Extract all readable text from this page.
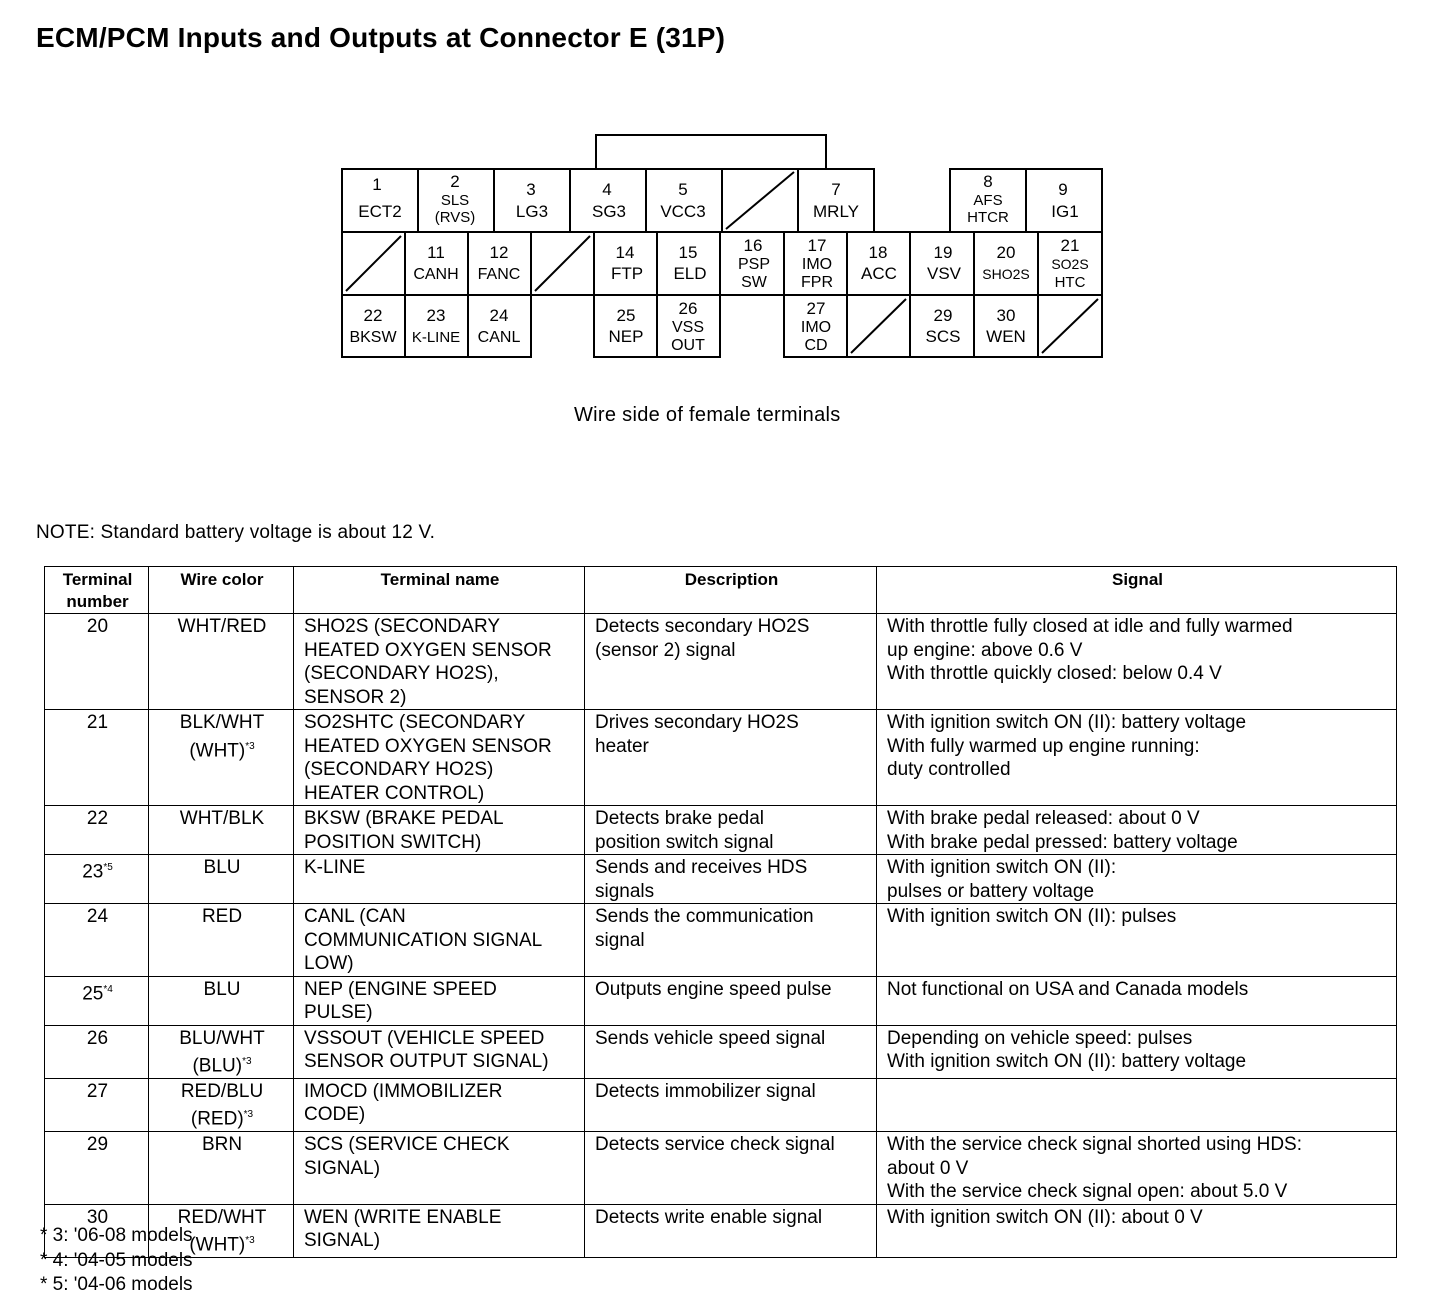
ECM/PCM Inputs and Outputs at Connector E (31P)
1
ECT2
2
SLS
(RVS)
3
LG3
4
SG3
5
VCC3
7
MRLY
8
AFS
HTCR
9
IG1
11
CANH
12
FANC
14
FTP
15
ELD
16
PSP
SW
17
IMO
FPR
18
ACC
19
VSV
20
SHO2S
21
SO2S
HTC
22
BKSW
23
K-LINE
24
CANL
25
NEP
26
VSS
OUT
27
IMO
CD
29
SCS
30
WEN
Wire side of female terminals
NOTE: Standard battery voltage is about 12 V.
Terminal
number	Wire color	Terminal name	Description	Signal
20	WHT/RED	SHO2S (SECONDARY
HEATED OXYGEN SENSOR
(SECONDARY HO2S),
SENSOR 2)	Detects secondary HO2S
(sensor 2) signal	With throttle fully closed at idle and fully warmed
up engine: above 0.6 V
With throttle quickly closed: below 0.4 V
21	BLK/WHT
(WHT)$^{*3}$	SO2SHTC (SECONDARY
HEATED OXYGEN SENSOR
(SECONDARY HO2S)
HEATER CONTROL)	Drives secondary HO2S
heater	With ignition switch ON (II): battery voltage
With fully warmed up engine running:
duty controlled
22	WHT/BLK	BKSW (BRAKE PEDAL
POSITION SWITCH)	Detects brake pedal
position switch signal	With brake pedal released: about 0 V
With brake pedal pressed: battery voltage
23$^{*5}$	BLU	K-LINE	Sends and receives HDS
signals	With ignition switch ON (II):
pulses or battery voltage
24	RED	CANL (CAN
COMMUNICATION SIGNAL
LOW)	Sends the communication
signal	With ignition switch ON (II): pulses
25$^{*4}$	BLU	NEP (ENGINE SPEED
PULSE)	Outputs engine speed pulse	Not functional on USA and Canada models
26	BLU/WHT
(BLU)$^{*3}$	VSSOUT (VEHICLE SPEED
SENSOR OUTPUT SIGNAL)	Sends vehicle speed signal	Depending on vehicle speed: pulses
With ignition switch ON (II): battery voltage
27	RED/BLU
(RED)$^{*3}$	IMOCD (IMMOBILIZER
CODE)	Detects immobilizer signal	
29	BRN	SCS (SERVICE CHECK
SIGNAL)	Detects service check signal	With the service check signal shorted using HDS:
about 0 V
With the service check signal open: about 5.0 V
30	RED/WHT
(WHT)$^{*3}$	WEN (WRITE ENABLE
SIGNAL)	Detects write enable signal	With ignition switch ON (II): about 0 V
* 3: '06-08 models
* 4: '04-05 models
* 5: '04-06 models
